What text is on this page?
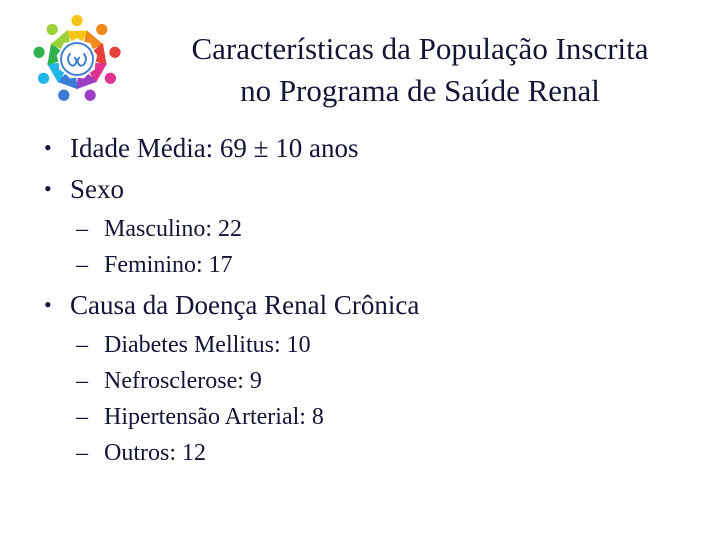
Características da População Inscrita
no Programa de Saúde Renal
• Idade Média: 69 ± 10 anos
• Sexo
– Masculino: 22
– Feminino: 17
• Causa da Doença Renal Crônica
– Diabetes Mellitus: 10
– Nefrosclerose: 9
– Hipertensão Arterial: 8
– Outros: 12
